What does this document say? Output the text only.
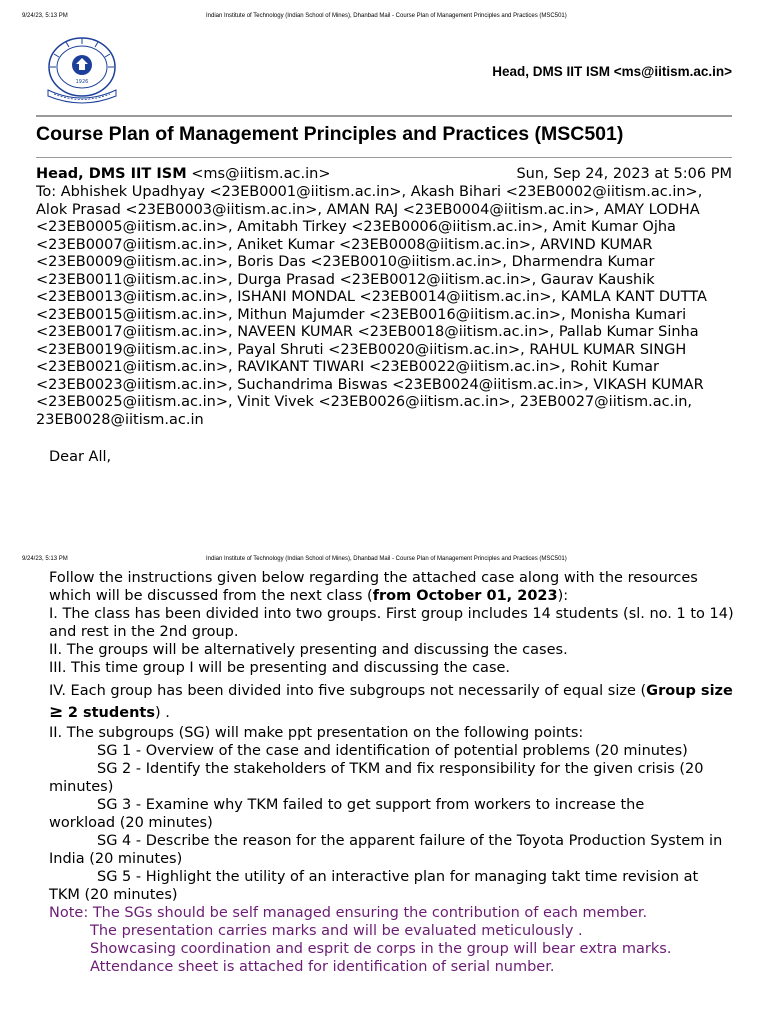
9/24/23, 5:13 PM	Indian Institute of Technology (Indian School of Mines), Dhanbad Mail - Course Plan of Management Principles and Practices (MSC501)
1926
Head, DMS IIT ISM <ms@iitism.ac.in>
Course Plan of Management Principles and Practices (MSC501)
Head, DMS IIT ISM <ms@iitism.ac.in>	Sun, Sep 24, 2023 at 5:06 PM
To: Abhishek Upadhyay <23EB0001@iitism.ac.in>, Akash Bihari <23EB0002@iitism.ac.in>, Alok Prasad <23EB0003@iitism.ac.in>, AMAN RAJ <23EB0004@iitism.ac.in>, AMAY LODHA <23EB0005@iitism.ac.in>, Amitabh Tirkey <23EB0006@iitism.ac.in>, Amit Kumar Ojha <23EB0007@iitism.ac.in>, Aniket Kumar <23EB0008@iitism.ac.in>, ARVIND KUMAR <23EB0009@iitism.ac.in>, Boris Das <23EB0010@iitism.ac.in>, Dharmendra Kumar <23EB0011@iitism.ac.in>, Durga Prasad <23EB0012@iitism.ac.in>, Gaurav Kaushik <23EB0013@iitism.ac.in>, ISHANI MONDAL <23EB0014@iitism.ac.in>, KAMLA KANT DUTTA <23EB0015@iitism.ac.in>, Mithun Majumder <23EB0016@iitism.ac.in>, Monisha Kumari <23EB0017@iitism.ac.in>, NAVEEN KUMAR <23EB0018@iitism.ac.in>, Pallab Kumar Sinha <23EB0019@iitism.ac.in>, Payal Shruti <23EB0020@iitism.ac.in>, RAHUL KUMAR SINGH <23EB0021@iitism.ac.in>, RAVIKANT TIWARI <23EB0022@iitism.ac.in>, Rohit Kumar <23EB0023@iitism.ac.in>, Suchandrima Biswas <23EB0024@iitism.ac.in>, VIKASH KUMAR <23EB0025@iitism.ac.in>, Vinit Vivek <23EB0026@iitism.ac.in>, 23EB0027@iitism.ac.in, 23EB0028@iitism.ac.in
Dear All,
9/24/23, 5:13 PM	Indian Institute of Technology (Indian School of Mines), Dhanbad Mail - Course Plan of Management Principles and Practices (MSC501)

Follow the instructions given below regarding the attached case along with the resources which will be discussed from the next class (from October 01, 2023):

I. The class has been divided into two groups. First group includes 14 students (sl. no. 1 to 14) and rest in the 2nd group.

II. The groups will be alternatively presenting and discussing the cases.

III. This time group I will be presenting and discussing the case.

IV. Each group has been divided into five subgroups not necessarily of equal size (Group size ≥ 2 students) .

II. The subgroups (SG) will make ppt presentation on the following points:

SG 1 - Overview of the case and identification of potential problems (20 minutes)

SG 2 - Identify the stakeholders of TKM and fix responsibility for the given crisis (20

minutes)

SG 3 - Examine why TKM failed to get support from workers to increase the

workload (20 minutes)

SG 4 - Describe the reason for the apparent failure of the Toyota Production System in

India (20 minutes)

SG 5 - Highlight the utility of an interactive plan for managing takt time revision at

TKM (20 minutes)

Note: The SGs should be self managed ensuring the contribution of each member.
The presentation carries marks and will be evaluated meticulously .
Showcasing coordination and esprit de corps in the group will bear extra marks.
Attendance sheet is attached for identification of serial number.
